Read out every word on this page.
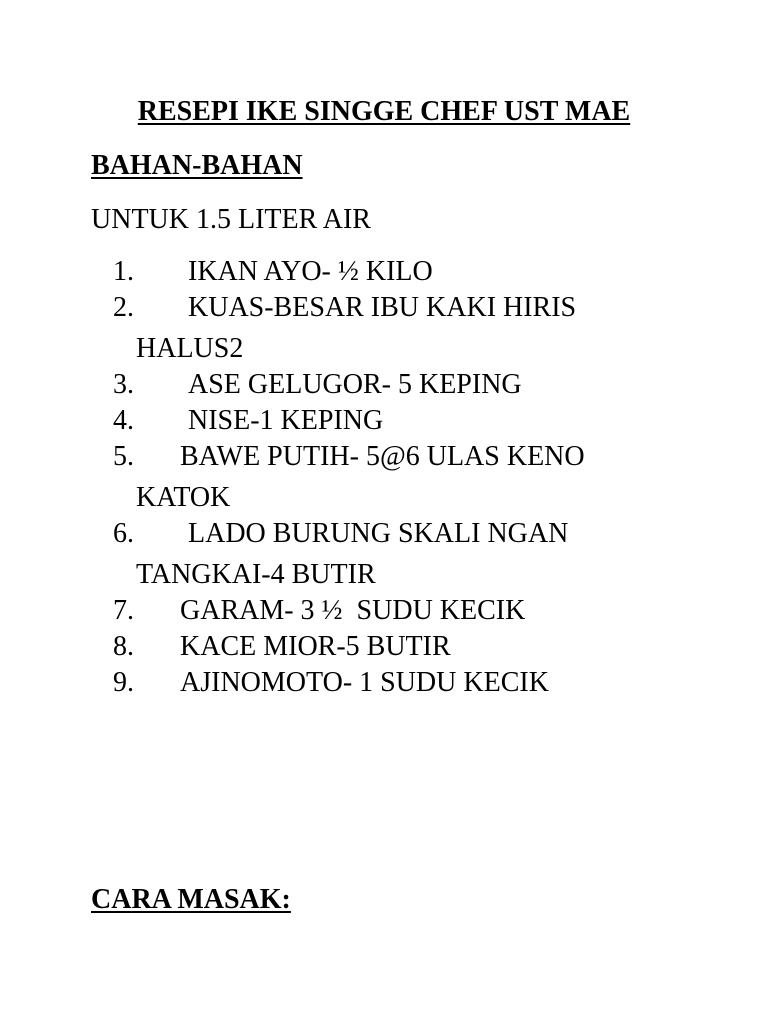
RESEPI IKE SINGGE CHEF UST MAE
BAHAN-BAHAN
UNTUK 1.5 LITER AIR
1.	IKAN AYO- ½ KILO
2.	KUAS-BESAR IBU KAKI HIRIS
HALUS2
3.	ASE GELUGOR- 5 KEPING
4.	NISE-1 KEPING
5.	BAWE PUTIH- 5@6 ULAS KENO
KATOK
6.	LADO BURUNG SKALI NGAN
TANGKAI-4 BUTIR
7.	GARAM- 3 ½  SUDU KECIK
8.	KACE MIOR-5 BUTIR
9.	AJINOMOTO- 1 SUDU KECIK
CARA MASAK:
